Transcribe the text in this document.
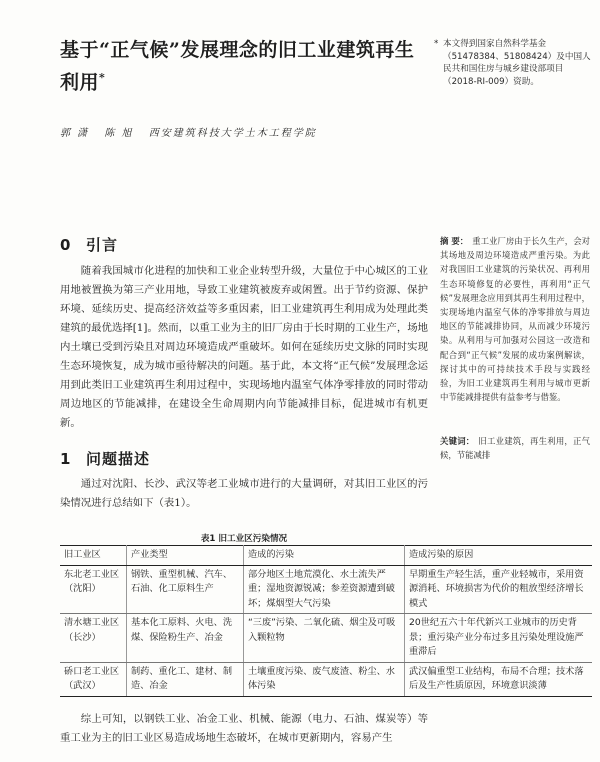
基于“正气候”发展理念的旧工业建筑再生利用*
* 本文得到国家自然科学基金（51478384、51808424）及中国人民共和国住房与城乡建设部项目（2018-RI-009）资助。
郭 潇 陈 旭 西安建筑科技大学土木工程学院
0 引言

随着我国城市化进程的加快和工业企业转型升级，大量位于中心城区的工业用地被置换为第三产业用地，导致工业建筑被废弃或闲置。出于节约资源、保护环境、延续历史、提高经济效益等多重因素，旧工业建筑再生利用成为处理此类建筑的最优选择[1]。然而，以重工业为主的旧厂房由于长时期的工业生产，场地内土壤已受到污染且对周边环境造成严重破坏。如何在延续历史文脉的同时实现生态环境恢复，成为城市亟待解决的问题。基于此，本文将“正气候”发展理念运用到此类旧工业建筑再生利用过程中，实现场地内温室气体净零排放的同时带动周边地区的节能减排，在建设全生命周期内向节能减排目标，促进城市有机更新。

摘 要： 重工业厂房由于长久生产，会对其场地及周边环境造成严重污染。为此对我国旧工业建筑的污染状况、再利用生态环境修复的必要性，再利用“正气候”发展理念应用到其再生利用过程中，实现场地内温室气体的净零排放与周边地区的节能减排协同，从而减少环境污染。从利用与可加强对公园这一改造和配合到“正气候”发展的成功案例解读，探讨其中的可持续技术手段与实践经验，为旧工业建筑再生利用与城市更新中节能减排提供有益参考与借鉴。
关键词： 旧工业建筑，再生利用，正气候，节能减排
1 问题描述

通过对沈阳、长沙、武汉等老工业城市进行的大量调研，对其旧工业区的污染情况进行总结如下（表1）。

表1 旧工业区污染情况
旧工业区	产业类型	造成的污染	造成污染的原因
东北老工业区（沈阳）	钢铁、重型机械、汽车、石油、化工原料生产	部分地区土地荒漠化、水土流失严重；湿地资源锐减；参差资源遭到破坏；煤烟型大气污染	早期重生产轻生活，重产业轻城市，采用资源消耗、环境损害为代价的粗放型经济增长模式
清水塘工业区（长沙）	基本化工原料、火电、洗煤、保险粉生产、冶金	“三废”污染、二氧化硫、烟尘及可吸入颗粒物	20世纪五六十年代新兴工业城市的历史背景；重污染产业分布过多且污染处理设施严重滞后
硚口老工业区（武汉）	制药、重化工、建材、制造、冶金	土壤重度污染、废气废渣、粉尘、水体污染	武汉偏重型工业结构，布局不合理；技术落后及生产性质原因，环境意识淡薄

综上可知，以钢铁工业、冶金工业、机械、能源（电力、石油、煤炭等）等重工业为主的旧工业区易造成场地生态破坏，在城市更新期内，容易产生
